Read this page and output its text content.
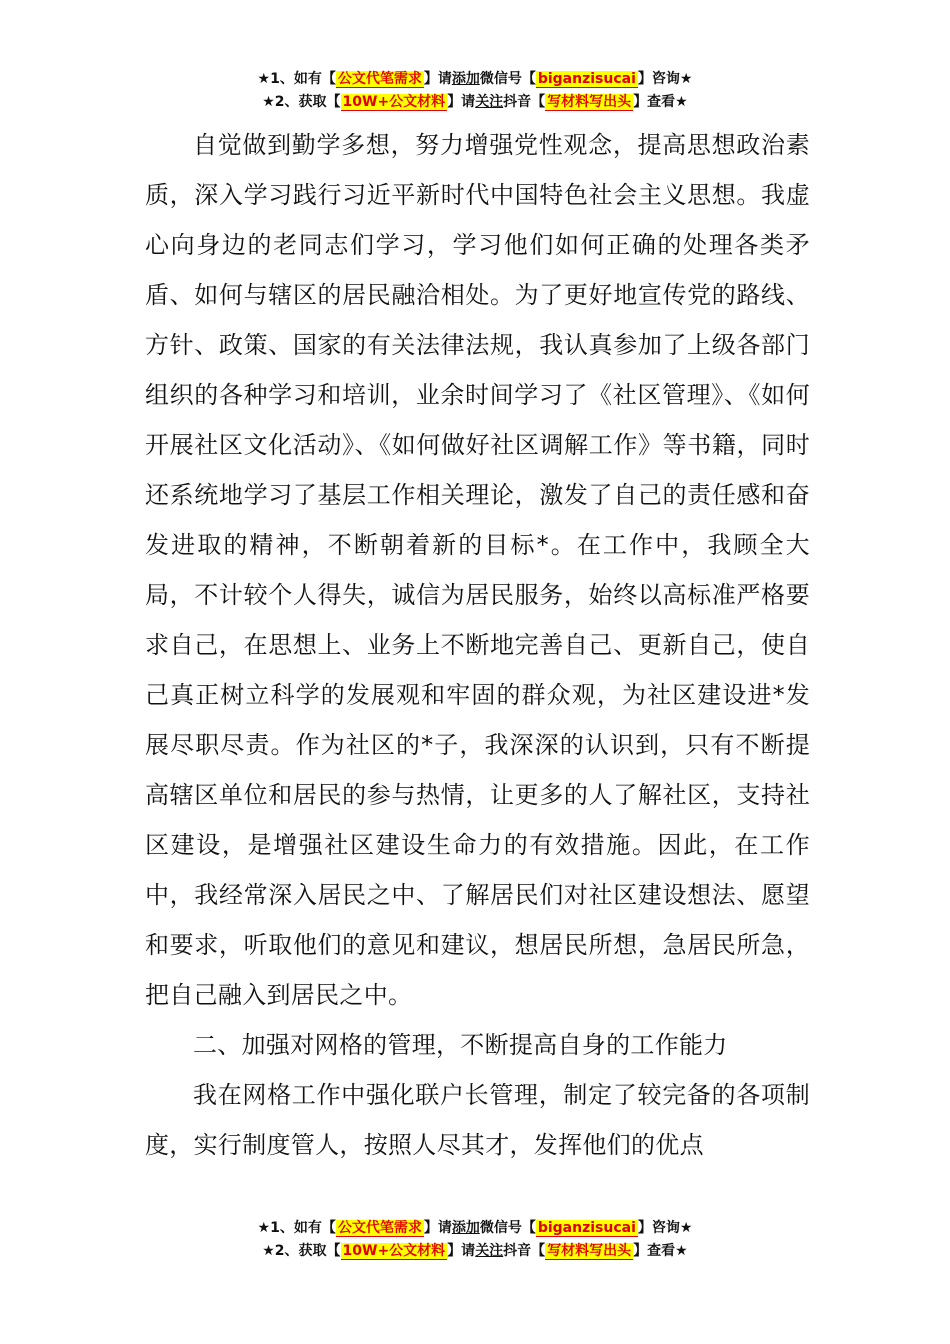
★1、如有【 公文代笔需求 】请添加微信号【 biganzisucai 】咨询★
★2、获取【 10W+公文材料 】请关注抖音【 写材料写出头 】查看★

自觉做到勤学多想，努力增强党性观念，提高思想政治素质，深入学习践行习近平新时代中国特色社会主义思想。我虚心向身边的老同志们学习，学习他们如何正确的处理各类矛盾、如何与辖区的居民融洽相处。为了更好地宣传党的路线、方针、政策、国家的有关法律法规，我认真参加了上级各部门组织的各种学习和培训，业余时间学习了《社区管理》、《如何开展社区文化活动》、《如何做好社区调解工作》等书籍，同时还系统地学习了基层工作相关理论，激发了自己的责任感和奋发进取的精神，不断朝着新的目标*。在工作中，我顾全大局，不计较个人得失，诚信为居民服务，始终以高标准严格要求自己，在思想上、业务上不断地完善自己、更新自己，使自己真正树立科学的发展观和牢固的群众观，为社区建设进*发展尽职尽责。作为社区的*子，我深深的认识到，只有不断提高辖区单位和居民的参与热情，让更多的人了解社区，支持社区建设，是增强社区建设生命力的有效措施。因此，在工作中，我经常深入居民之中、了解居民们对社区建设想法、愿望和要求，听取他们的意见和建议，想居民所想，急居民所急，把自己融入到居民之中。

二、加强对网格的管理，不断提高自身的工作能力

我在网格工作中强化联户长管理，制定了较完备的各项制度，实行制度管人，按照人尽其才，发挥他们的优点

★1、如有【 公文代笔需求 】请添加微信号【 biganzisucai 】咨询★
★2、获取【 10W+公文材料 】请关注抖音【 写材料写出头 】查看★
